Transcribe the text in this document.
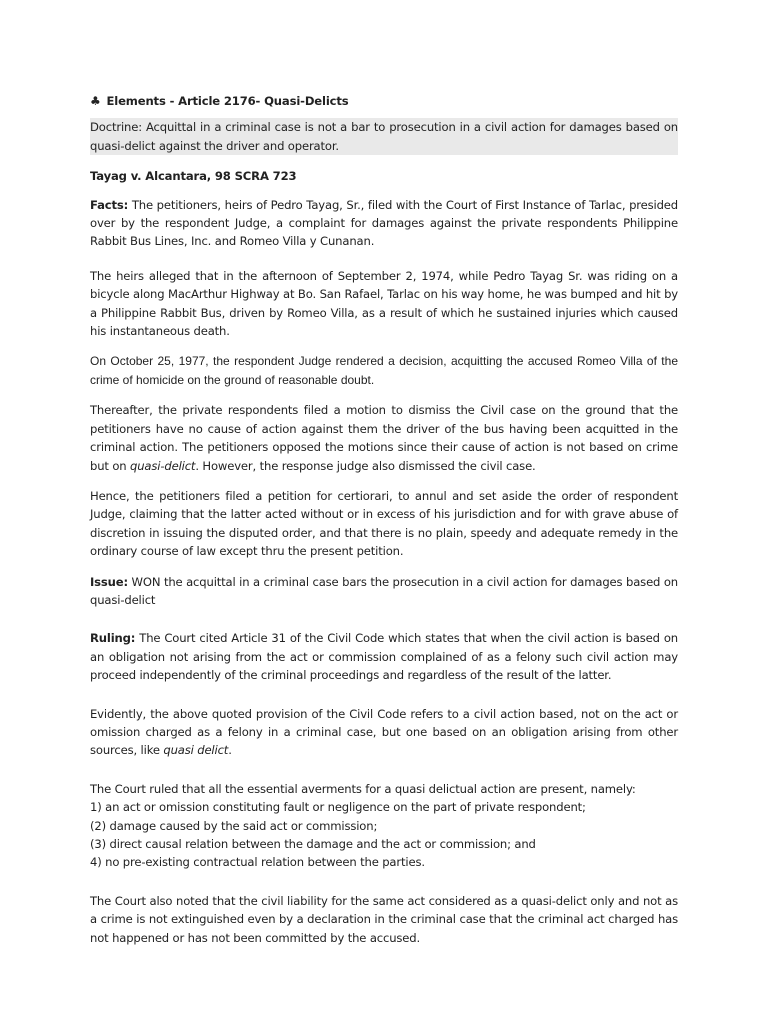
♣ Elements - Article 2176- Quasi-Delicts
Doctrine: Acquittal in a criminal case is not a bar to prosecution in a civil action for damages based on quasi-delict against the driver and operator.
Tayag v. Alcantara, 98 SCRA 723

Facts: The petitioners, heirs of Pedro Tayag, Sr., filed with the Court of First Instance of Tarlac, presided over by the respondent Judge, a complaint for damages against the private respondents Philippine Rabbit Bus Lines, Inc. and Romeo Villa y Cunanan.

The heirs alleged that in the afternoon of September 2, 1974, while Pedro Tayag Sr. was riding on a bicycle along MacArthur Highway at Bo. San Rafael, Tarlac on his way home, he was bumped and hit by a Philippine Rabbit Bus, driven by Romeo Villa, as a result of which he sustained injuries which caused his instantaneous death.

On October 25, 1977, the respondent Judge rendered a decision, acquitting the accused Romeo Villa of the crime of homicide on the ground of reasonable doubt.

Thereafter, the private respondents filed a motion to dismiss the Civil case on the ground that the petitioners have no cause of action against them the driver of the bus having been acquitted in the criminal action. The petitioners opposed the motions since their cause of action is not based on crime but on quasi-delict. However, the response judge also dismissed the civil case.

Hence, the petitioners filed a petition for certiorari, to annul and set aside the order of respondent Judge, claiming that the latter acted without or in excess of his jurisdiction and for with grave abuse of discretion in issuing the disputed order, and that there is no plain, speedy and adequate remedy in the ordinary course of law except thru the present petition.

Issue: WON the acquittal in a criminal case bars the prosecution in a civil action for damages based on quasi-delict

Ruling: The Court cited Article 31 of the Civil Code which states that when the civil action is based on an obligation not arising from the act or commission complained of as a felony such civil action may proceed independently of the criminal proceedings and regardless of the result of the latter.

Evidently, the above quoted provision of the Civil Code refers to a civil action based, not on the act or omission charged as a felony in a criminal case, but one based on an obligation arising from other sources, like quasi delict.

The Court ruled that all the essential averments for a quasi delictual action are present, namely:

1) an act or omission constituting fault or negligence on the part of private respondent;

(2) damage caused by the said act or commission;

(3) direct causal relation between the damage and the act or commission; and

4) no pre-existing contractual relation between the parties.

The Court also noted that the civil liability for the same act considered as a quasi-delict only and not as a crime is not extinguished even by a declaration in the criminal case that the criminal act charged has not happened or has not been committed by the accused.
